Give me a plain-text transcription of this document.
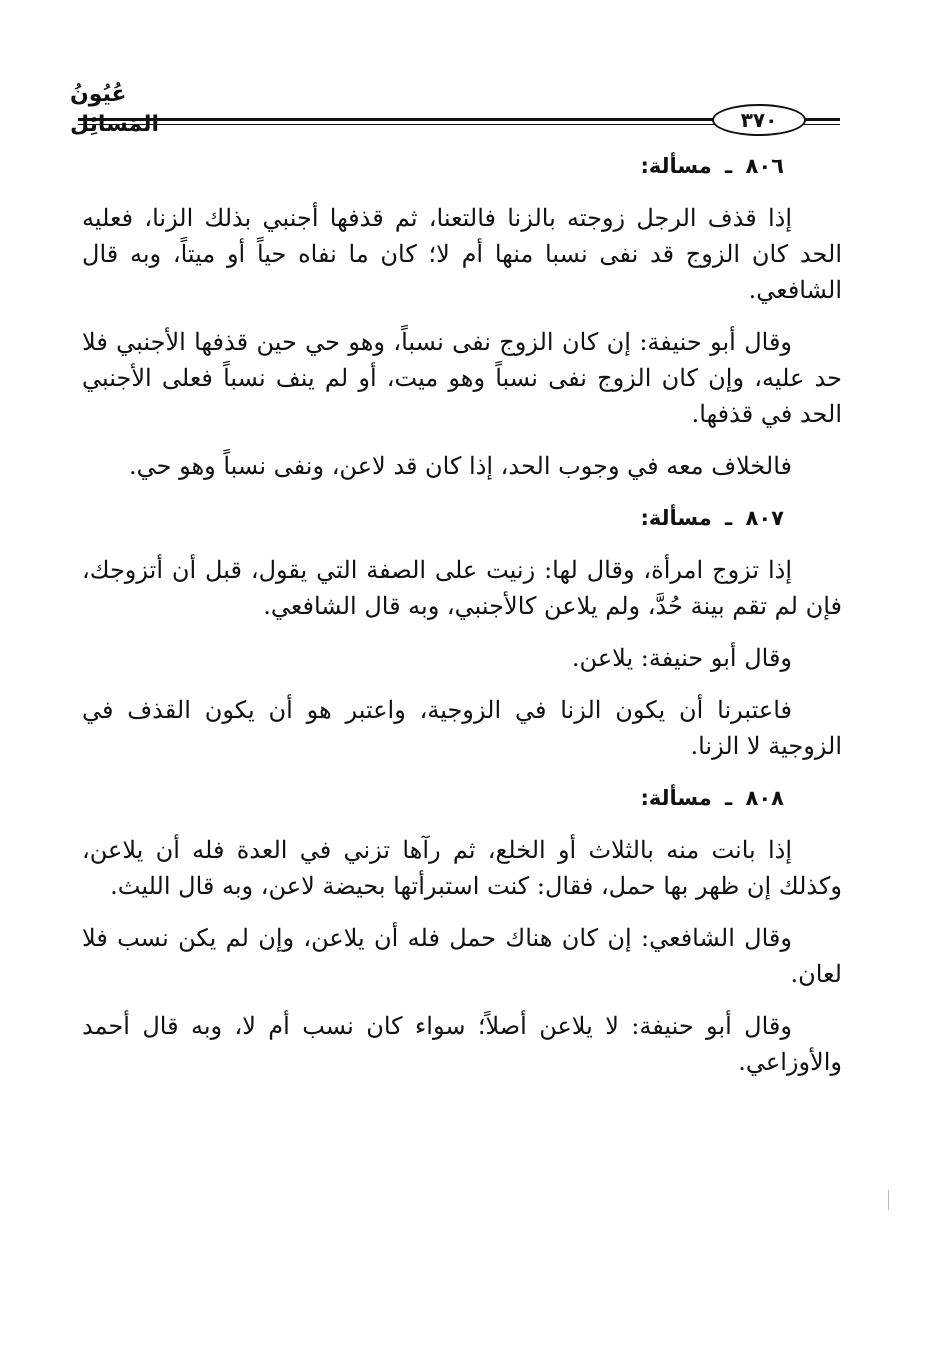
عُيُونُ المَسَائِل	٣٧٠

٨٠٦ ـ مسألة:

إذا قذف الرجل زوجته بالزنا فالتعنا، ثم قذفها أجنبي بذلك الزنا، فعليه الحد كان الزوج قد نفى نسبا منها أم لا؛ كان ما نفاه حياً أو ميتاً، وبه قال الشافعي.

وقال أبو حنيفة: إن كان الزوج نفى نسباً، وهو حي حين قذفها الأجنبي فلا حد عليه، وإن كان الزوج نفى نسباً وهو ميت، أو لم ينف نسباً فعلى الأجنبي الحد في قذفها.

فالخلاف معه في وجوب الحد، إذا كان قد لاعن، ونفى نسباً وهو حي.

٨٠٧ ـ مسألة:

إذا تزوج امرأة، وقال لها: زنيت على الصفة التي يقول، قبل أن أتزوجك، فإن لم تقم بينة حُدَّ، ولم يلاعن كالأجنبي، وبه قال الشافعي.

وقال أبو حنيفة: يلاعن.

فاعتبرنا أن يكون الزنا في الزوجية، واعتبر هو أن يكون القذف في الزوجية لا الزنا.

٨٠٨ ـ مسألة:

إذا بانت منه بالثلاث أو الخلع، ثم رآها تزني في العدة فله أن يلاعن، وكذلك إن ظهر بها حمل، فقال: كنت استبرأتها بحيضة لاعن، وبه قال الليث.

وقال الشافعي: إن كان هناك حمل فله أن يلاعن، وإن لم يكن نسب فلا لعان.

وقال أبو حنيفة: لا يلاعن أصلاً؛ سواء كان نسب أم لا، وبه قال أحمد والأوزاعي.
